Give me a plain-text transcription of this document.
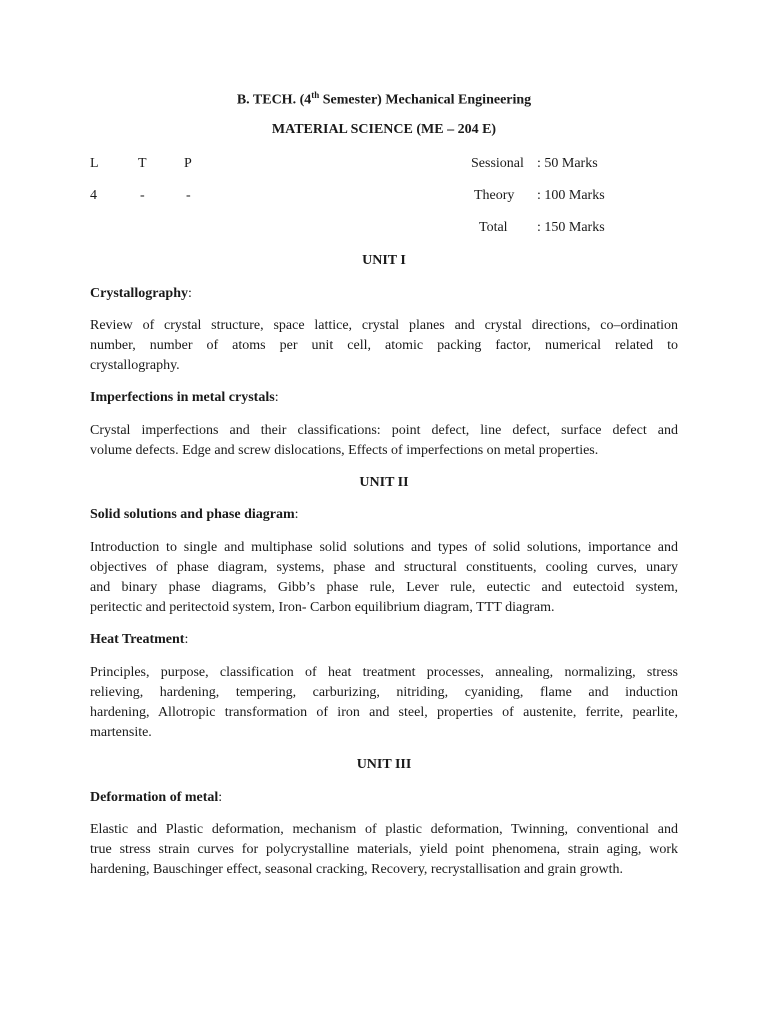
B. TECH. (4th Semester) Mechanical Engineering
MATERIAL SCIENCE (ME – 204 E)
L	T	P
4	-	-
Sessional : 50 Marks
Theory : 100 Marks
Total : 150 Marks
UNIT I
Crystallography:
Review of crystal structure, space lattice, crystal planes and crystal directions, co–ordination
number, number of atoms per unit cell, atomic packing factor, numerical related to
crystallography.
Imperfections in metal crystals:
Crystal imperfections and their classifications: point defect, line defect, surface defect and
volume defects. Edge and screw dislocations, Effects of imperfections on metal properties.
UNIT II
Solid solutions and phase diagram:
Introduction to single and multiphase solid solutions and types of solid solutions, importance and
objectives of phase diagram, systems, phase and structural constituents, cooling curves, unary
and binary phase diagrams, Gibb’s phase rule, Lever rule, eutectic and eutectoid system,
peritectic and peritectoid system, Iron- Carbon equilibrium diagram, TTT diagram.
Heat Treatment:
Principles, purpose, classification of heat treatment processes, annealing, normalizing, stress
relieving, hardening, tempering, carburizing, nitriding, cyaniding, flame and induction
hardening, Allotropic transformation of iron and steel, properties of austenite, ferrite, pearlite,
martensite.
UNIT III
Deformation of metal:
Elastic and Plastic deformation, mechanism of plastic deformation, Twinning, conventional and
true stress strain curves for polycrystalline materials, yield point phenomena, strain aging, work
hardening, Bauschinger effect, seasonal cracking, Recovery, recrystallisation and grain growth.
